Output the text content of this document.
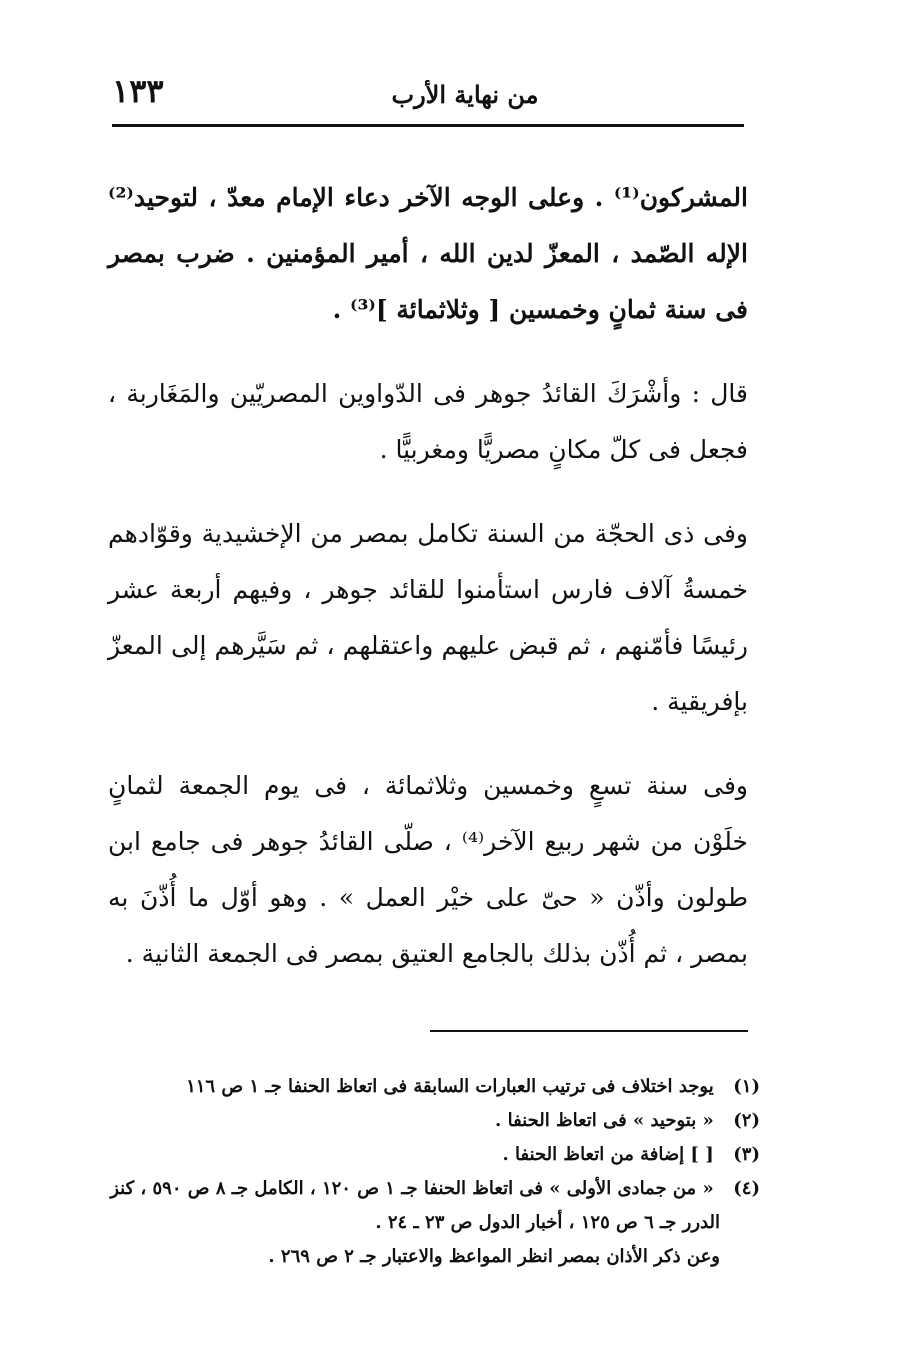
١٣٣	من نهاية الأرب

المشركون⁽¹⁾ . وعلى الوجه الآخر دعاء الإمام معدّ ، لتوحيد⁽²⁾ الإله الصّمد ، المعزّ لدين الله ، أمير المؤمنين . ضرب بمصر فى سنة ثمانٍ وخمسين [ وثلاثمائة ]⁽³⁾ .

قال : وأشْرَكَ القائدُ جوهر فى الدّواوين المصريّين والمَغَاربة ، فجعل فى كلّ مكانٍ مصريًّا ومغربيًّا .

وفى ذى الحجّة من السنة تكامل بمصر من الإخشيدية وقوّادهم خمسةُ آلاف فارس استأمنوا للقائد جوهر ، وفيهم أربعة عشر رئيسًا فأمّنهم ، ثم قبض عليهم واعتقلهم ، ثم سَيَّرهم إلى المعزّ بإفريقية .

وفى سنة تسعٍ وخمسين وثلاثمائة ، فى يوم الجمعة لثمانٍ خلَوْن من شهر ربيع الآخر⁽⁴⁾ ، صلّى القائدُ جوهر فى جامع ابن طولون وأذّن « حىّ على خيْر العمل » . وهو أوّل ما أُذّنَ به بمصر ، ثم أُذّن بذلك بالجامع العتيق بمصر فى الجمعة الثانية .

(١) يوجد اختلاف فى ترتيب العبارات السابقة فى اتعاظ الحنفا جـ ١ ص ١١٦

(٢) « بتوحيد » فى اتعاظ الحنفا .

(٣) [ ] إضافة من اتعاظ الحنفا .

(٤) « من جمادى الأولى » فى اتعاظ الحنفا جـ ١ ص ١٢٠ ، الكامل جـ ٨ ص ٥٩٠ ، كنز

الدرر جـ ٦ ص ١٢٥ ، أخبار الدول ص ٢٣ ـ ٢٤ .

وعن ذكر الأذان بمصر انظر المواعظ والاعتبار جـ ٢ ص ٢٦٩ .
